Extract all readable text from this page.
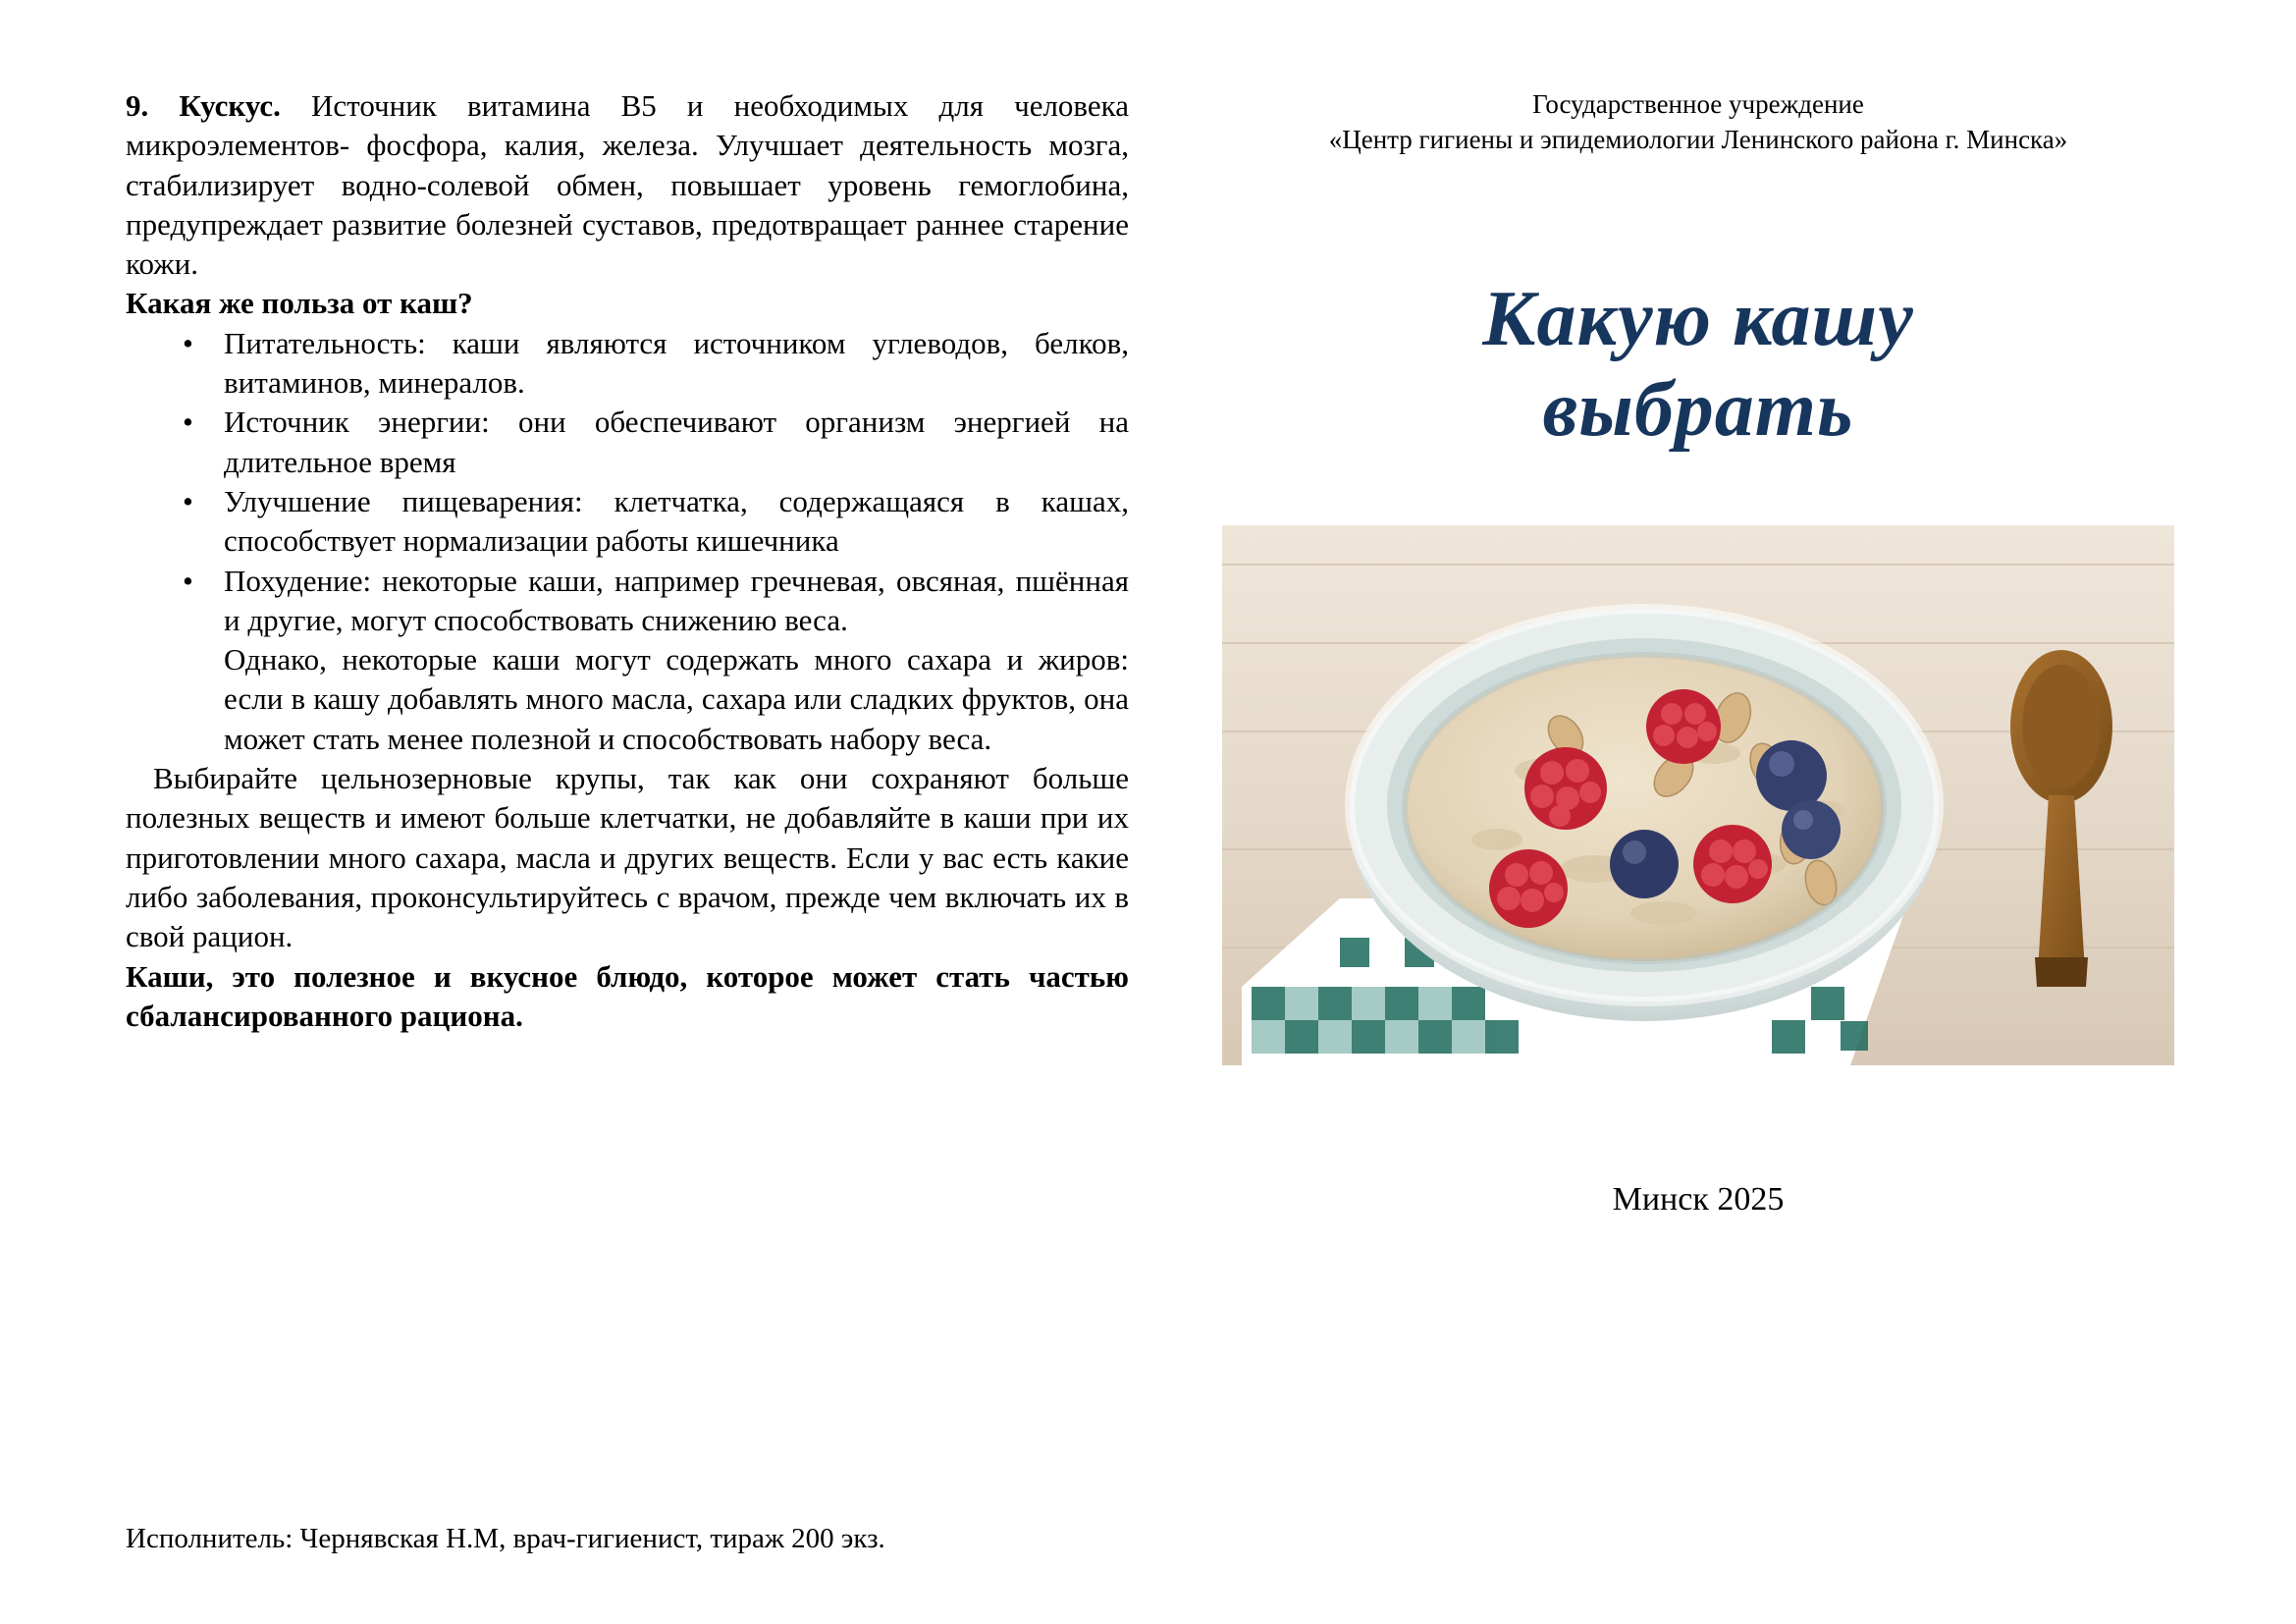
9. Кускус. Источник витамина В5 и необходимых для человека микроэлементов- фосфора, калия, железа. Улучшает деятельность мозга, стабилизирует водно-солевой обмен, повышает уровень гемоглобина, предупреждает развитие болезней суставов, предотвращает раннее старение кожи.

Какая же польза от каш?

• Питательность: каши являются источником углеводов, белков, витаминов, минералов.
• Источник энергии: они обеспечивают организм энергией на длительное время
• Улучшение пищеварения: клетчатка, содержащаяся в кашах, способствует нормализации работы кишечника
• Похудение: некоторые каши, например гречневая, овсяная, пшённая и другие, могут способствовать снижению веса.

Однако, некоторые каши могут содержать много сахара и жиров: если в кашу добавлять много масла, сахара или сладких фруктов, она может стать менее полезной и способствовать набору веса.

Выбирайте цельнозерновые крупы, так как они сохраняют больше полезных веществ и имеют больше клетчатки, не добавляйте в каши при их приготовлении много сахара, масла и других веществ. Если у вас есть какие либо заболевания, проконсультируйтесь с врачом, прежде чем включать их в свой рацион.

Каши, это полезное и вкусное блюдо, которое может стать частью сбалансированного рациона.

Исполнитель: Чернявская Н.М, врач-гигиенист, тираж 200 экз.
Государственное учреждение
«Центр гигиены и эпидемиологии Ленинского района г. Минска»
Какую кашу
выбрать
Минск 2025
